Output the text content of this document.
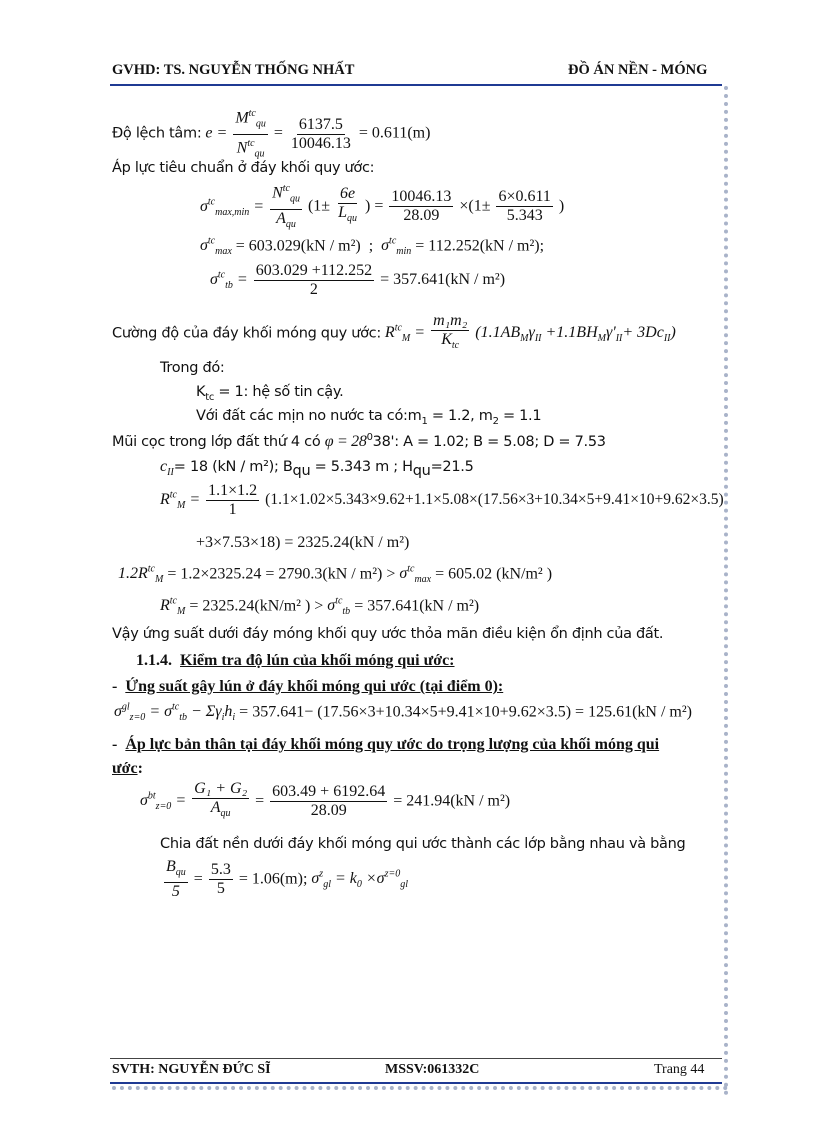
GVHD: TS. NGUYỄN THỐNG NHẤT	ĐỒ ÁN NỀN - MÓNG
Độ lệch tâm: $e = \frac{M^{tc}_{qu}}{N^{tc}_{qu}} = \frac{6137.5}{10046.13} = 0.611(m)$
Áp lực tiêu chuẩn ở đáy khối quy ước:
$\sigma^{tc}_{max,min} = \frac{N^{tc}_{qu}}{A_{qu}} (1\pm \frac{6e}{L_{qu}}$ ) = $\frac{10046.13}{28.09} \times(1\pm \frac{6\times 0.611}{5.343}$ )
$\sigma^{tc}_{max} = 603.029(kN / m^2)$  ;  $\sigma^{tc}_{min} = 112.252(kN / m^2)$;
$\sigma^{tc}_{tb} = \frac{603.029 +112.252}{2} = 357.641(kN / m^2)$
Cường độ của đáy khối móng quy ước: $R^{tc}_M = \frac{\text{m₁m₂}}{K_{tc}} (1.1AB_M\gamma_{II} +1.1BH_M\gamma'_{II}+ 3Dc_{II})$
Trong đó:
$K_{tc} = 1$: hệ số tin cậy.
Với đất các mịn no nước ta $có:m_1 = 1.2$, $m_2 = 1.1$
Mũi cọc trong lớp đất thứ 4 có $\varphi = 28^038'$: A = 1.02; B = 5.08; D = 7.53
$c_{II}= 18$ (kN / m²); $B_{qu} = 5.343$ m ; $H_{qu}=21.5$
$R^{tc}_M = \frac{1.1\times 1.2}{1} (1.1\times 1.02\times 5.343\times 9.62+1.1\times 5.08\times(17.56\times 3+10.34\times 5+9.41\times 10+9.62\times 3.5)$
+3×7.53×18) = 2325.24(kN / m²)
$1.2R^{tc}_M = 1.2\times 2325.24 = 2790.3(kN / m^2) > \sigma^{tc}_{max} = 605.02$ (kN/m² )
$R^{tc}_M = 2325.24(kN/m^2$ ) > $\sigma^{tc}_{tb} = 357.641(kN / m^2)$
Vậy ứng suất dưới đáy móng khối quy ước thỏa mãn điều kiện ổn định của đất.
1.1.4. Kiểm tra độ lún của khối móng qui ước:
- Ứng suất gây lún ở đáy khối móng qui ước (tại điểm 0):
$\sigma^{gl}_{z=0} = \sigma^{tc}_{tb} - \Sigma\gamma_ih_i = 357.641- (17.56\times 3+10.34\times 5+9.41\times 10+9.62\times 3.5) = 125.61(kN / m^2)$
- Áp lực bản thân tại đáy khối móng quy ước do trọng lượng của khối móng qui
ước:
$\sigma^{bt}_{z=0} = \frac{\text{G₁ + G₂}}{A_{qu}} = \frac{603.49 + 6192.64}{28.09} = 241.94(kN / m^2)$
Chia đất nền dưới đáy khối móng qui ước thành các lớp bằng nhau và bằng
$\frac{B_{qu}}{5} = \frac{5.3}{5} = 1.06(m)$; $\sigma^z_{gl} = k_0 \times\sigma^{z=0}_{gl}$
SVTH: NGUYỄN ĐỨC SĨ	MSSV:061332C	Trang 44
